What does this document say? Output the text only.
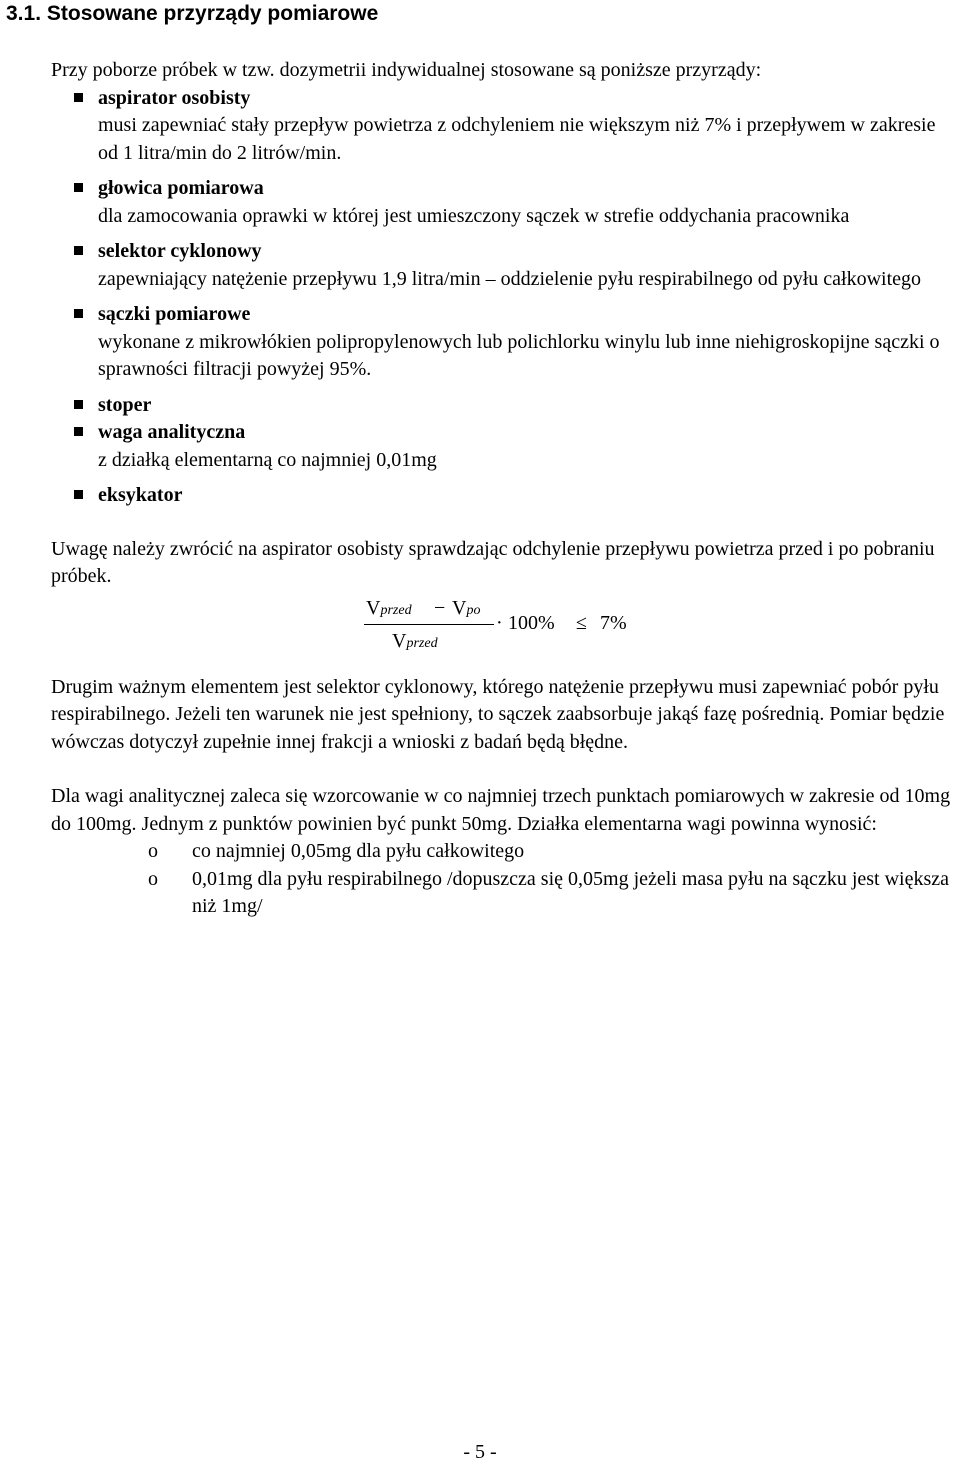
3.1. Stosowane przyrządy pomiarowe

Przy poborze próbek w tzw. dozymetrii indywidualnej stosowane są poniższe przyrządy:

aspirator osobisty
musi zapewniać stały przepływ powietrza z odchyleniem nie większym niż 7% i przepływem w zakresie od 1 litra/min do 2 litrów/min.
głowica pomiarowa
dla zamocowania oprawki w której jest umieszczony sączek w strefie oddychania pracownika
selektor cyklonowy
zapewniający natężenie przepływu 1,9 litra/min – oddzielenie pyłu respirabilnego od pyłu całkowitego
sączki pomiarowe
wykonane z mikrowłókien polipropylenowych lub polichlorku winylu lub inne niehigroskopijne sączki o sprawności filtracji powyżej 95%.
stoper
waga analityczna
z działką elementarną co najmniej 0,01mg
eksykator

Uwagę należy zwrócić na aspirator osobisty sprawdzając odchylenie przepływu powietrza przed i po pobraniu próbek.

Vprzed − Vpo
Vprzed
· 100% ≤ 7%

Drugim ważnym elementem jest selektor cyklonowy, którego natężenie przepływu musi zapewniać pobór pyłu respirabilnego. Jeżeli ten warunek nie jest spełniony, to sączek zaabsorbuje jakąś fazę pośrednią. Pomiar będzie wówczas dotyczył zupełnie innej frakcji a wnioski z badań będą błędne.

Dla wagi analitycznej zaleca się wzorcowanie w co najmniej trzech punktach pomiarowych w zakresie od 10mg do 100mg. Jednym z punktów powinien być punkt 50mg. Działka elementarna wagi powinna wynosić:

o co najmniej 0,05mg dla pyłu całkowitego
o 0,01mg dla pyłu respirabilnego /dopuszcza się 0,05mg jeżeli masa pyłu na sączku jest większa niż 1mg/

- 5 -
